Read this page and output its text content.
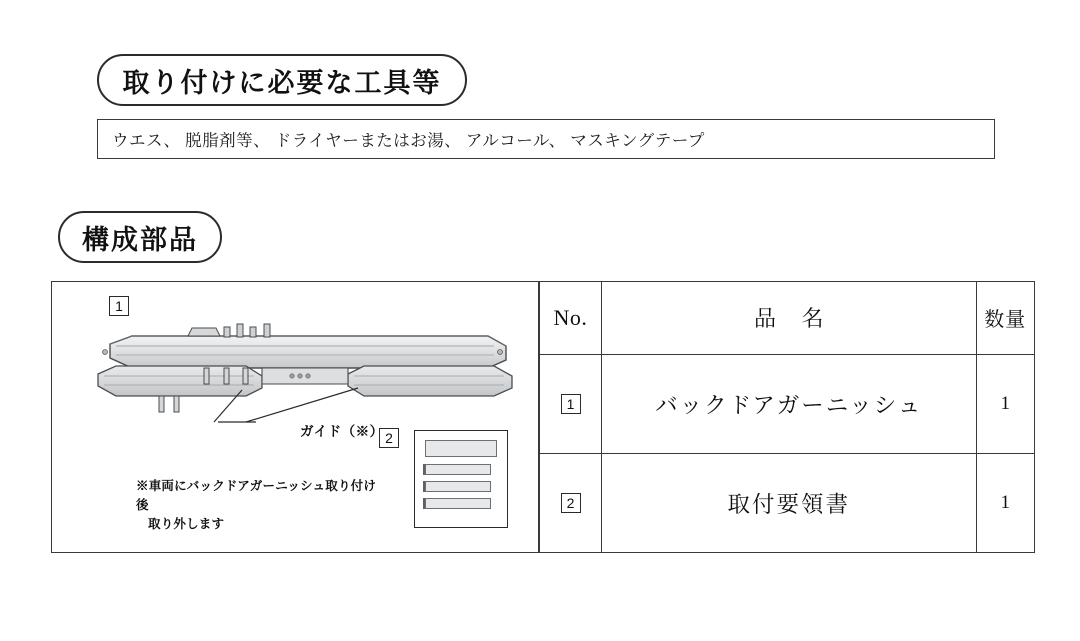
取り付けに必要な工具等
ウエス、 脱脂剤等、 ドライヤーまたはお湯、 アルコール、 マスキングテープ
構成部品
1
2
ガイド（※）
※車両にバックドアガーニッシュ取り付け後
取り外します
No.	品 名	数量
1	バックドアガーニッシュ	1
2	取付要領書	1
